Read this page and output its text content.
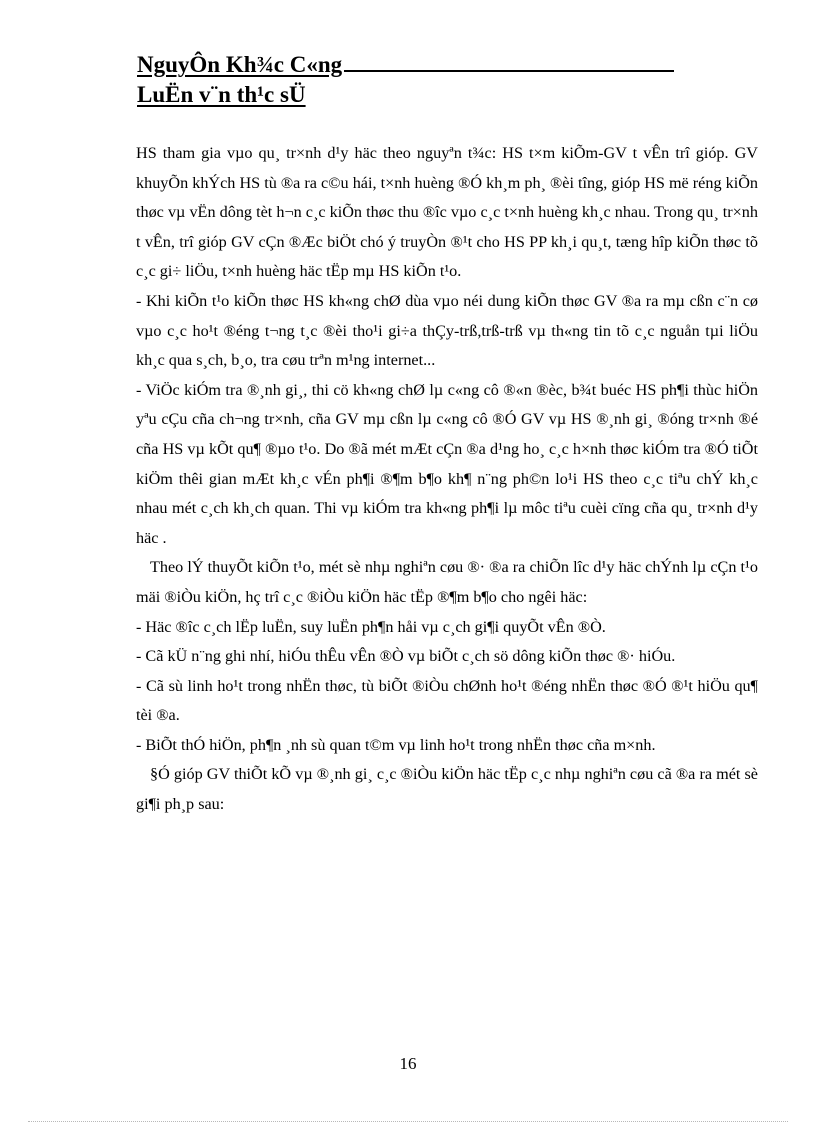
NguyÔn Kh¾c C«ng

LuËn v¨n th¹c sÜ

HS tham gia vµo qu¸ tr×nh d¹y häc theo nguyªn t¾c: HS t×m kiÕm-GV t vÊn trî gióp. GV khuyÕn khÝch HS tù ®a ra c©u hái, t×nh huèng ®Ó kh¸m ph¸ ®èi tîng, gióp HS më réng kiÕn thøc vµ vËn dông tèt h¬n c¸c kiÕn thøc thu ®îc vµo c¸c t×nh huèng kh¸c nhau. Trong qu¸ tr×nh t vÊn, trî gióp GV cÇn ®Æc biÖt chó ý truyÒn ®¹t cho HS PP kh¸i qu¸t, tæng hîp kiÕn thøc tõ c¸c gi÷ liÖu, t×nh huèng häc tËp mµ HS kiÕn t¹o.

- Khi kiÕn t¹o kiÕn thøc HS kh«ng chØ dùa vµo néi dung kiÕn thøc GV ®a ra mµ cßn c¨n cø vµo c¸c ho¹t ®éng t¬ng t¸c ®èi tho¹i gi÷a thÇy-trß,trß-trß vµ th«ng tin tõ c¸c nguån tµi liÖu kh¸c qua s¸ch, b¸o, tra cøu trªn m¹ng internet...

- ViÖc kiÓm tra ®¸nh gi¸, thi cö kh«ng chØ lµ c«ng cô ®«n ®èc, b¾t buéc HS ph¶i thùc hiÖn yªu cÇu cña ch¬ng tr×nh, cña GV mµ cßn lµ c«ng cô ®Ó GV vµ HS ®¸nh gi¸ ®óng tr×nh ®é cña HS vµ kÕt qu¶ ®µo t¹o. Do ®ã mét mÆt cÇn ®a d¹ng ho¸ c¸c h×nh thøc kiÓm tra ®Ó tiÕt kiÖm thêi gian mÆt kh¸c vÉn ph¶i ®¶m b¶o kh¶ n¨ng ph©n lo¹i HS theo c¸c tiªu chÝ kh¸c nhau mét c¸ch kh¸ch quan. Thi vµ kiÓm tra kh«ng ph¶i lµ môc tiªu cuèi cïng cña qu¸ tr×nh d¹y häc .

Theo lÝ thuyÕt kiÕn t¹o, mét sè nhµ nghiªn cøu ®· ®a ra chiÕn lîc d¹y häc chÝnh lµ cÇn t¹o mäi ®iÒu kiÖn, hç trî c¸c ®iÒu kiÖn häc tËp ®¶m b¶o cho ngêi häc:

- Häc ®îc c¸ch lËp luËn, suy luËn ph¶n håi vµ c¸ch gi¶i quyÕt vÊn ®Ò.

- Cã kÜ n¨ng ghi nhí, hiÓu thÊu vÊn ®Ò vµ biÕt c¸ch sö dông kiÕn thøc ®· hiÓu.

- Cã sù linh ho¹t trong nhËn thøc, tù biÕt ®iÒu chØnh ho¹t ®éng nhËn thøc ®Ó ®¹t hiÖu qu¶ tèi ®a.

- BiÕt thÓ hiÖn, ph¶n ¸nh sù quan t©m vµ linh ho¹t trong nhËn thøc cña m×nh.

§Ó gióp GV thiÕt kÕ vµ ®¸nh gi¸ c¸c ®iÒu kiÖn häc tËp c¸c nhµ nghiªn cøu cã ®a ra mét sè gi¶i ph¸p sau:

16
